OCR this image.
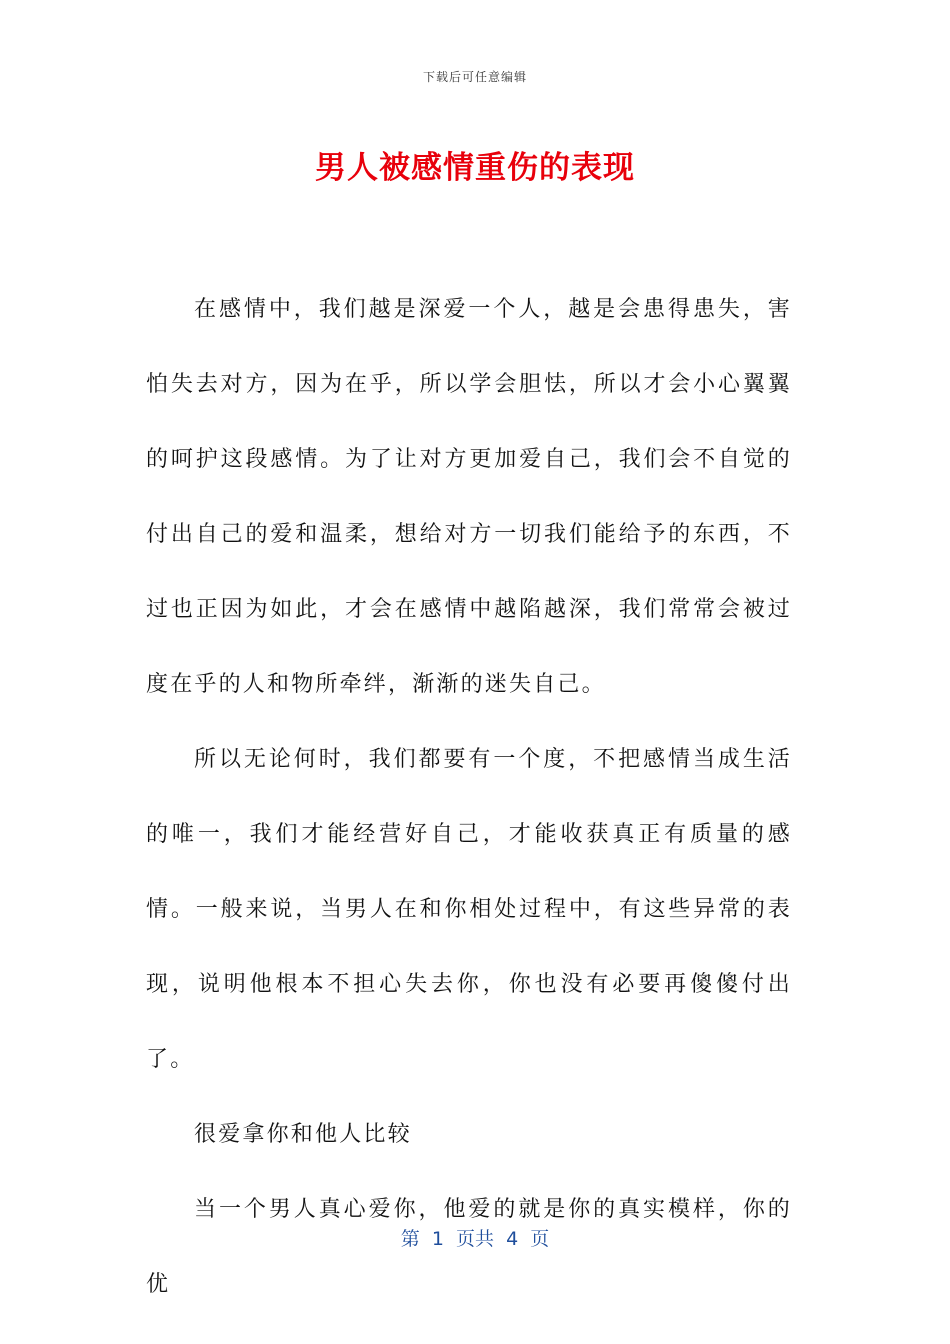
下载后可任意编辑
男人被感情重伤的表现

在感情中，我们越是深爱一个人，越是会患得患失，害怕失去对方，因为在乎，所以学会胆怯，所以才会小心翼翼的呵护这段感情。为了让对方更加爱自己，我们会不自觉的付出自己的爱和温柔，想给对方一切我们能给予的东西，不过也正因为如此，才会在感情中越陷越深，我们常常会被过度在乎的人和物所牵绊，渐渐的迷失自己。

所以无论何时，我们都要有一个度，不把感情当成生活的唯一，我们才能经营好自己，才能收获真正有质量的感情。一般来说，当男人在和你相处过程中，有这些异常的表现，说明他根本不担心失去你，你也没有必要再傻傻付出了。

很爱拿你和他人比较

当一个男人真心爱你，他爱的就是你的真实模样，你的优

第  1  页共  4  页
